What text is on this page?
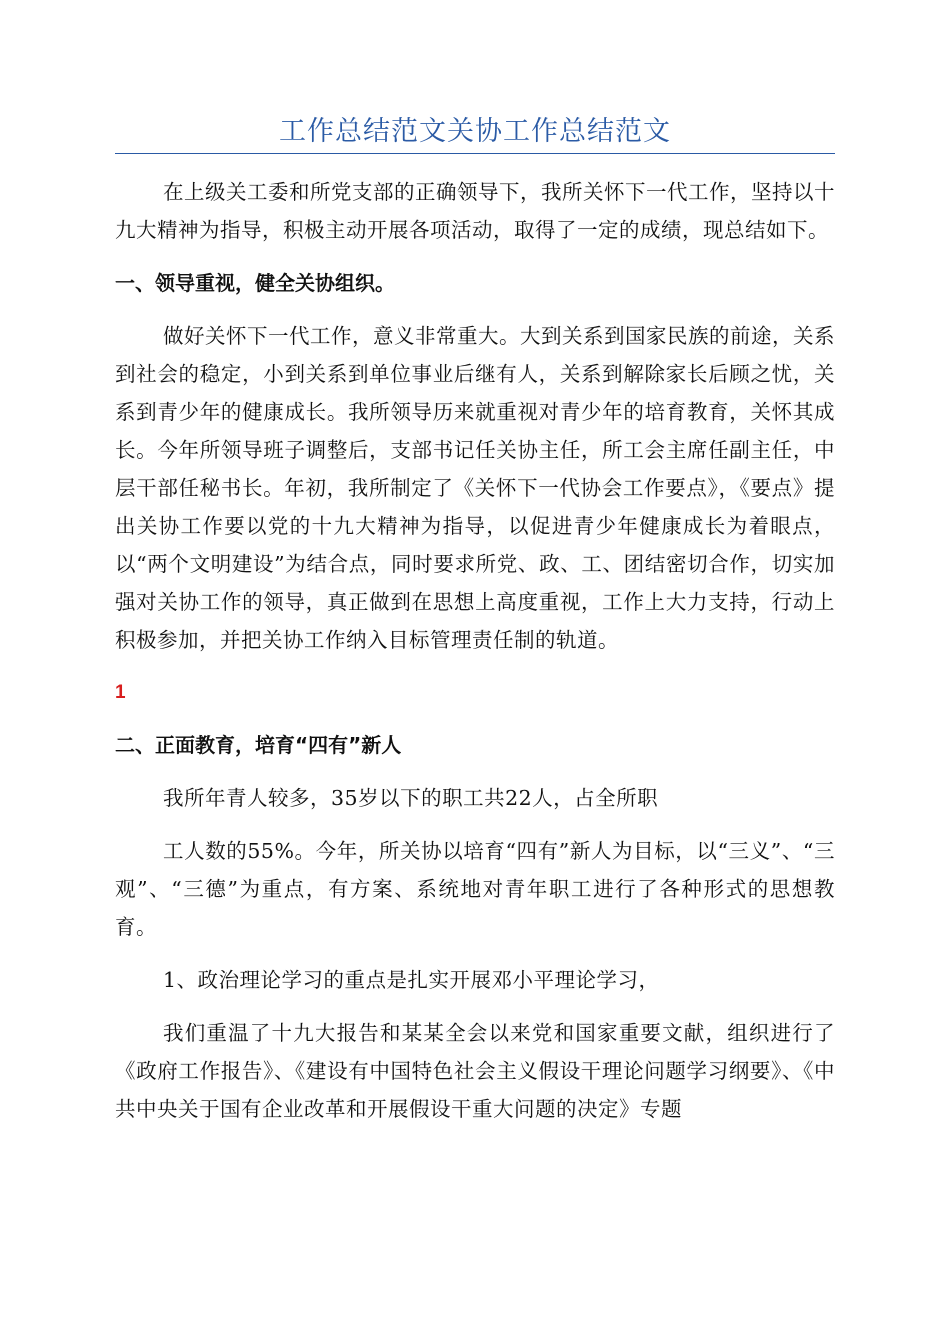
工作总结范文关协工作总结范文

在上级关工委和所党支部的正确领导下，我所关怀下一代工作，坚持以十九大精神为指导，积极主动开展各项活动，取得了一定的成绩，现总结如下。

一、领导重视，健全关协组织。

做好关怀下一代工作，意义非常重大。大到关系到国家民族的前途，关系到社会的稳定，小到关系到单位事业后继有人，关系到解除家长后顾之忧，关系到青少年的健康成长。我所领导历来就重视对青少年的培育教育，关怀其成长。今年所领导班子调整后，支部书记任关协主任，所工会主席任副主任，中层干部任秘书长。年初，我所制定了《关怀下一代协会工作要点》，《要点》提出关协工作要以党的十九大精神为指导，以促进青少年健康成长为着眼点，以“两个文明建设”为结合点，同时要求所党、政、工、团结密切合作，切实加强对关协工作的领导，真正做到在思想上高度重视，工作上大力支持，行动上积极参加，并把关协工作纳入目标管理责任制的轨道。

1
二、正面教育，培育“四有”新人

我所年青人较多，35岁以下的职工共22人，占全所职

工人数的55%。今年，所关协以培育“四有”新人为目标，以“三义”、“三观”、“三德”为重点，有方案、系统地对青年职工进行了各种形式的思想教育。

1、政治理论学习的重点是扎实开展邓小平理论学习，

我们重温了十九大报告和某某全会以来党和国家重要文献，组织进行了《政府工作报告》、《建设有中国特色社会主义假设干理论问题学习纲要》、《中共中央关于国有企业改革和开展假设干重大问题的决定》专题
